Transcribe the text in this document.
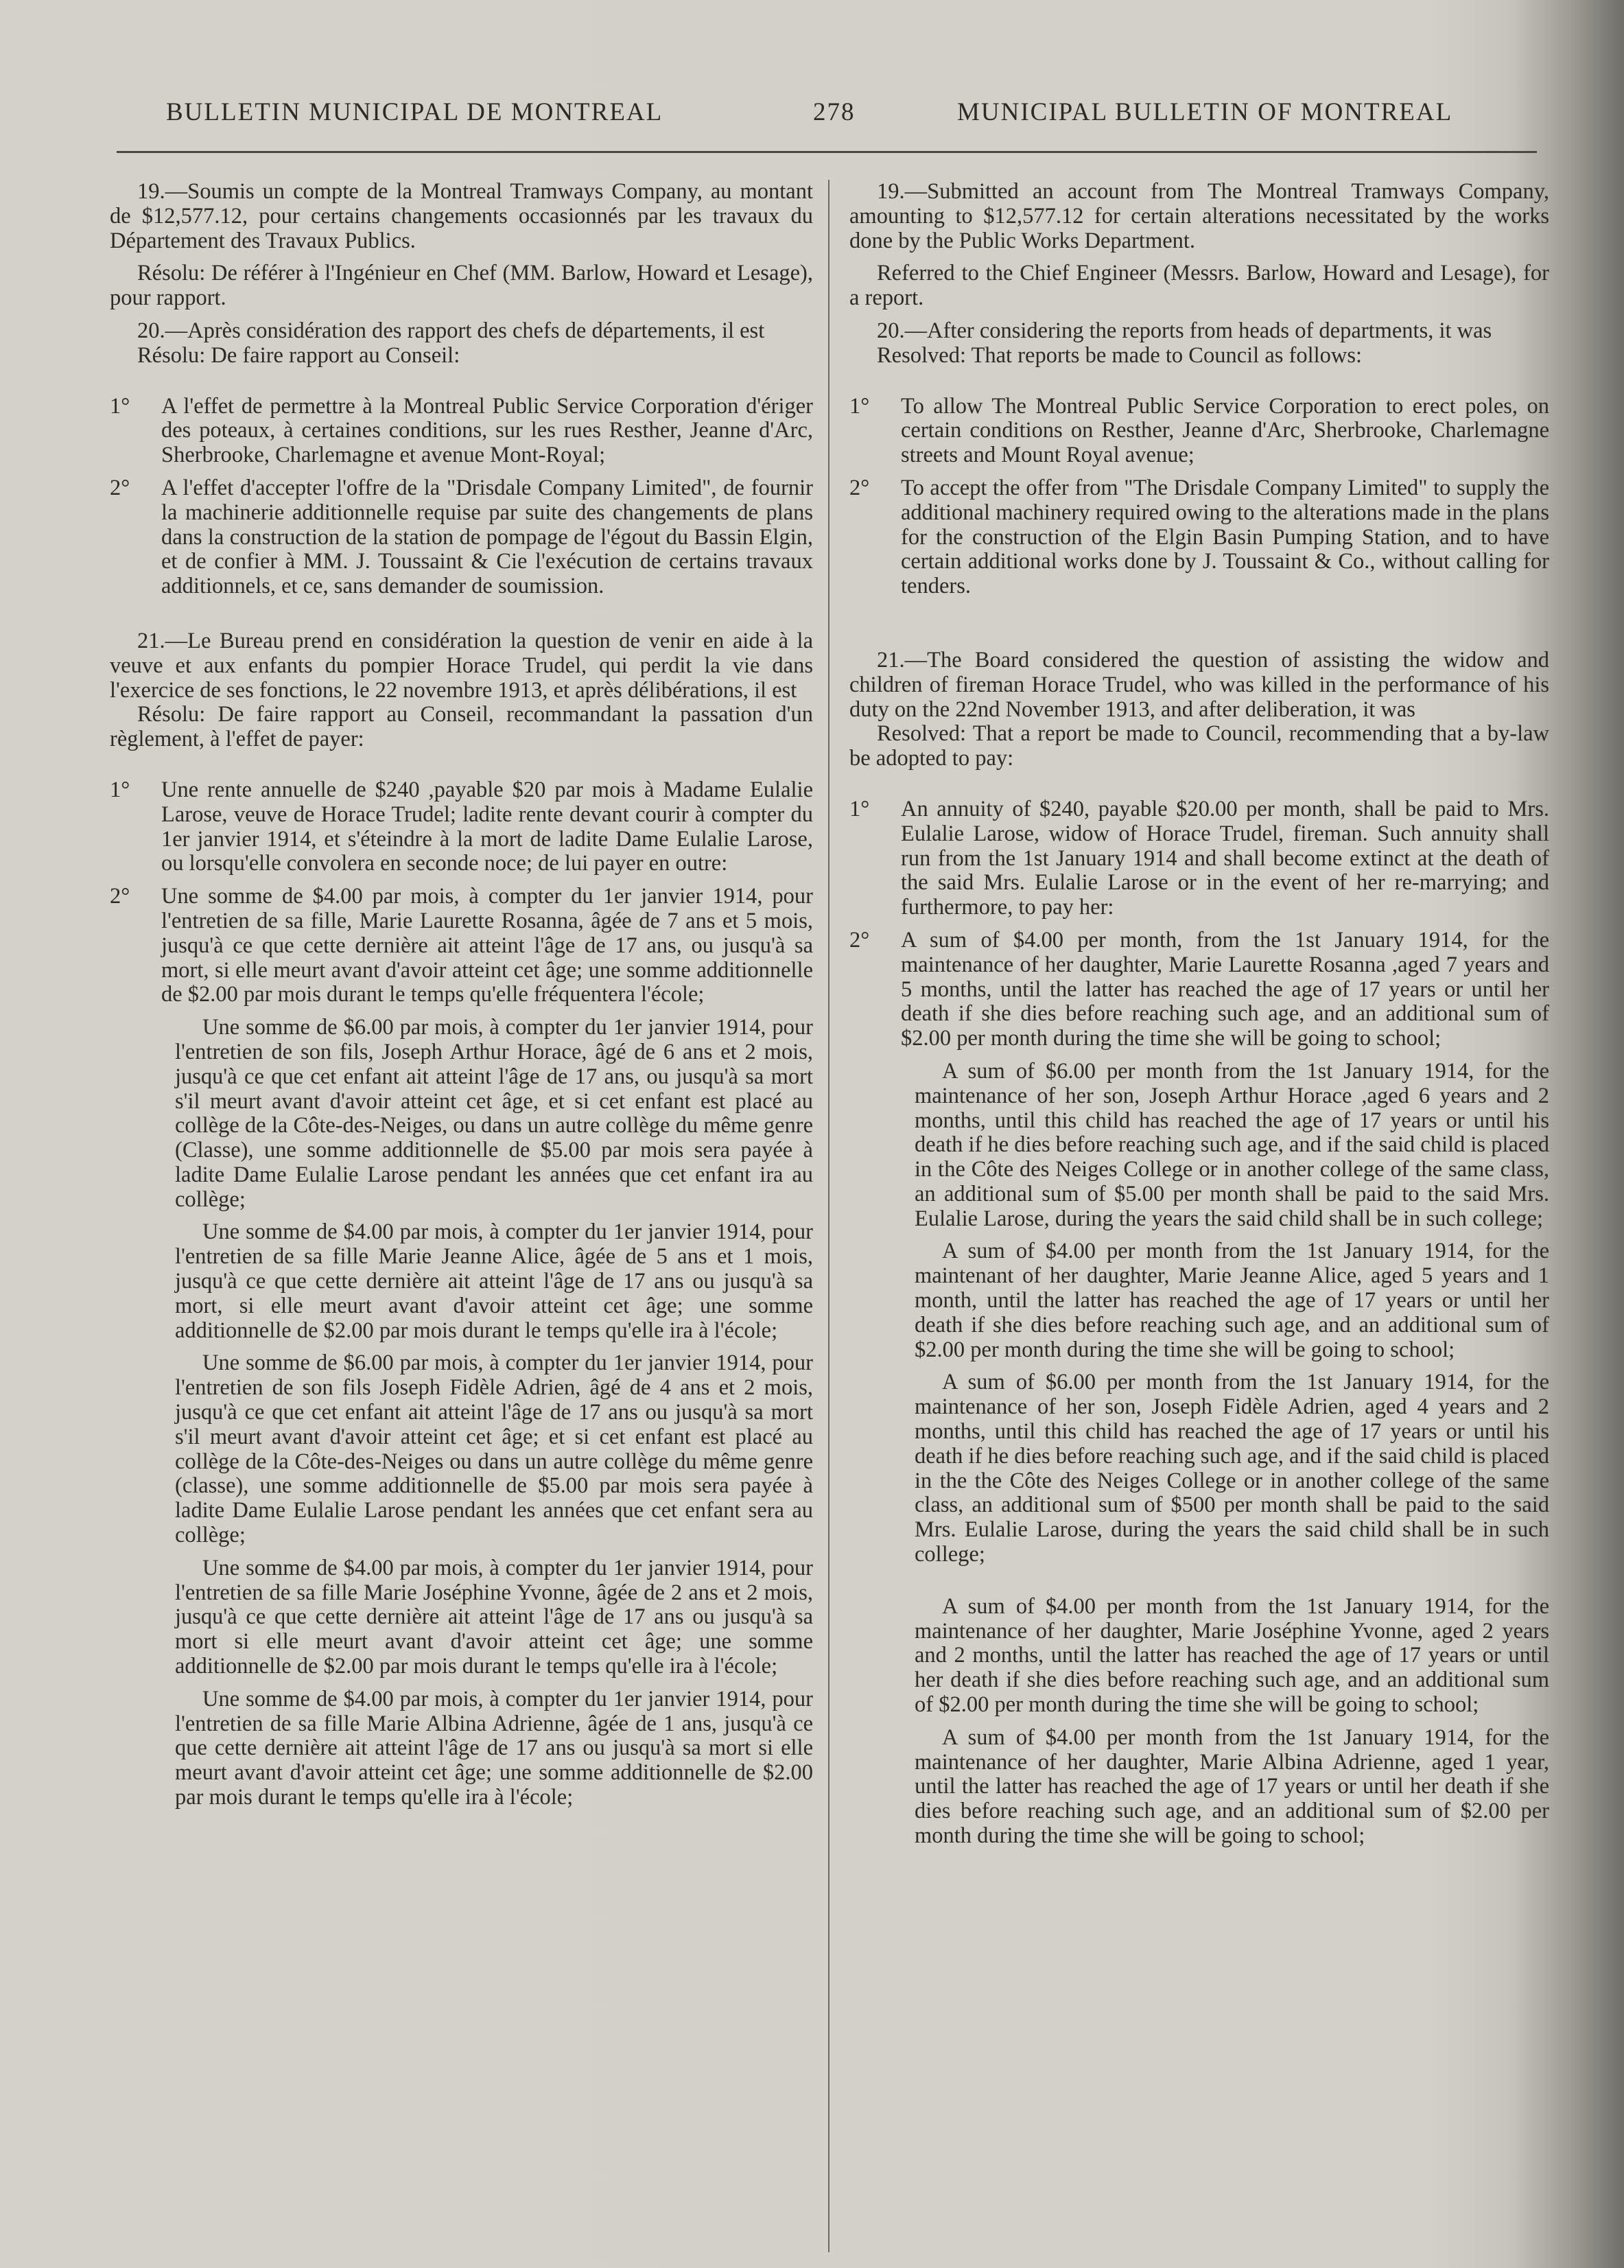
BULLETIN MUNICIPAL DE MONTREAL	278	MUNICIPAL BULLETIN OF MONTREAL

19.—Soumis un compte de la Montreal Tramways Company, au montant de $12,577.12, pour certains changements occasionnés par les travaux du Département des Travaux Publics.

Résolu: De référer à l'Ingénieur en Chef (MM. Barlow, Howard et Lesage), pour rapport.

20.—Après considération des rapport des chefs de départements, il est

Résolu: De faire rapport au Conseil:

1° A l'effet de permettre à la Montreal Public Service Corporation d'ériger des poteaux, à certaines conditions, sur les rues Resther, Jeanne d'Arc, Sherbrooke, Charlemagne et avenue Mont-Royal;
2° A l'effet d'accepter l'offre de la "Drisdale Company Limited", de fournir la machinerie additionnelle requise par suite des changements de plans dans la construction de la station de pompage de l'égout du Bassin Elgin, et de confier à MM. J. Toussaint & Cie l'exécution de certains travaux additionnels, et ce, sans demander de soumission.

21.—Le Bureau prend en considération la question de venir en aide à la veuve et aux enfants du pompier Horace Trudel, qui perdit la vie dans l'exercice de ses fonctions, le 22 novembre 1913, et après délibérations, il est

Résolu: De faire rapport au Conseil, recommandant la passation d'un règlement, à l'effet de payer:

1° Une rente annuelle de $240 ,payable $20 par mois à Madame Eulalie Larose, veuve de Horace Trudel; ladite rente devant courir à compter du 1er janvier 1914, et s'éteindre à la mort de ladite Dame Eulalie Larose, ou lorsqu'elle convolera en seconde noce; de lui payer en outre:
2° Une somme de $4.00 par mois, à compter du 1er janvier 1914, pour l'entretien de sa fille, Marie Laurette Rosanna, âgée de 7 ans et 5 mois, jusqu'à ce que cette dernière ait atteint l'âge de 17 ans, ou jusqu'à sa mort, si elle meurt avant d'avoir atteint cet âge; une somme additionnelle de $2.00 par mois durant le temps qu'elle fréquentera l'école;

Une somme de $6.00 par mois, à compter du 1er janvier 1914, pour l'entretien de son fils, Joseph Arthur Horace, âgé de 6 ans et 2 mois, jusqu'à ce que cet enfant ait atteint l'âge de 17 ans, ou jusqu'à sa mort s'il meurt avant d'avoir atteint cet âge, et si cet enfant est placé au collège de la Côte-des-Neiges, ou dans un autre collège du même genre (Classe), une somme additionnelle de $5.00 par mois sera payée à ladite Dame Eulalie Larose pendant les années que cet enfant ira au collège;

Une somme de $4.00 par mois, à compter du 1er janvier 1914, pour l'entretien de sa fille Marie Jeanne Alice, âgée de 5 ans et 1 mois, jusqu'à ce que cette dernière ait atteint l'âge de 17 ans ou jusqu'à sa mort, si elle meurt avant d'avoir atteint cet âge; une somme additionnelle de $2.00 par mois durant le temps qu'elle ira à l'école;

Une somme de $6.00 par mois, à compter du 1er janvier 1914, pour l'entretien de son fils Joseph Fidèle Adrien, âgé de 4 ans et 2 mois, jusqu'à ce que cet enfant ait atteint l'âge de 17 ans ou jusqu'à sa mort s'il meurt avant d'avoir atteint cet âge; et si cet enfant est placé au collège de la Côte-des-Neiges ou dans un autre collège du même genre (classe), une somme additionnelle de $5.00 par mois sera payée à ladite Dame Eulalie Larose pendant les années que cet enfant sera au collège;

Une somme de $4.00 par mois, à compter du 1er janvier 1914, pour l'entretien de sa fille Marie Joséphine Yvonne, âgée de 2 ans et 2 mois, jusqu'à ce que cette dernière ait atteint l'âge de 17 ans ou jusqu'à sa mort si elle meurt avant d'avoir atteint cet âge; une somme additionnelle de $2.00 par mois durant le temps qu'elle ira à l'école;

Une somme de $4.00 par mois, à compter du 1er janvier 1914, pour l'entretien de sa fille Marie Albina Adrienne, âgée de 1 ans, jusqu'à ce que cette dernière ait atteint l'âge de 17 ans ou jusqu'à sa mort si elle meurt avant d'avoir atteint cet âge; une somme additionnelle de $2.00 par mois durant le temps qu'elle ira à l'école;

19.—Submitted an account from The Montreal Tramways Company, amounting to $12,577.12 for certain alterations necessitated by the works done by the Public Works Department.

Referred to the Chief Engineer (Messrs. Barlow, Howard and Lesage), for a report.

20.—After considering the reports from heads of departments, it was

Resolved: That reports be made to Council as follows:

1° To allow The Montreal Public Service Corporation to erect poles, on certain conditions on Resther, Jeanne d'Arc, Sherbrooke, Charlemagne streets and Mount Royal avenue;
2° To accept the offer from "The Drisdale Company Limited" to supply the additional machinery required owing to the alterations made in the plans for the construction of the Elgin Basin Pumping Station, and to have certain additional works done by J. Toussaint & Co., without calling for tenders.

21.—The Board considered the question of assisting the widow and children of fireman Horace Trudel, who was killed in the performance of his duty on the 22nd November 1913, and after deliberation, it was

Resolved: That a report be made to Council, recommending that a by-law be adopted to pay:

1° An annuity of $240, payable $20.00 per month, shall be paid to Mrs. Eulalie Larose, widow of Horace Trudel, fireman. Such annuity shall run from the 1st January 1914 and shall become extinct at the death of the said Mrs. Eulalie Larose or in the event of her re-marrying; and furthermore, to pay her:
2° A sum of $4.00 per month, from the 1st January 1914, for the maintenance of her daughter, Marie Laurette Rosanna ,aged 7 years and 5 months, until the latter has reached the age of 17 years or until her death if she dies before reaching such age, and an additional sum of $2.00 per month during the time she will be going to school;

A sum of $6.00 per month from the 1st January 1914, for the maintenance of her son, Joseph Arthur Horace ,aged 6 years and 2 months, until this child has reached the age of 17 years or until his death if he dies before reaching such age, and if the said child is placed in the Côte des Neiges College or in another college of the same class, an additional sum of $5.00 per month shall be paid to the said Mrs. Eulalie Larose, during the years the said child shall be in such college;

A sum of $4.00 per month from the 1st January 1914, for the maintenant of her daughter, Marie Jeanne Alice, aged 5 years and 1 month, until the latter has reached the age of 17 years or until her death if she dies before reaching such age, and an additional sum of $2.00 per month during the time she will be going to school;

A sum of $6.00 per month from the 1st January 1914, for the maintenance of her son, Joseph Fidèle Adrien, aged 4 years and 2 months, until this child has reached the age of 17 years or until his death if he dies before reaching such age, and if the said child is placed in the the Côte des Neiges College or in another college of the same class, an additional sum of $500 per month shall be paid to the said Mrs. Eulalie Larose, during the years the said child shall be in such college;

A sum of $4.00 per month from the 1st January 1914, for the maintenance of her daughter, Marie Joséphine Yvonne, aged 2 years and 2 months, until the latter has reached the age of 17 years or until her death if she dies before reaching such age, and an additional sum of $2.00 per month during the time she will be going to school;

A sum of $4.00 per month from the 1st January 1914, for the maintenance of her daughter, Marie Albina Adrienne, aged 1 year, until the latter has reached the age of 17 years or until her death if she dies before reaching such age, and an additional sum of $2.00 per month during the time she will be going to school;
